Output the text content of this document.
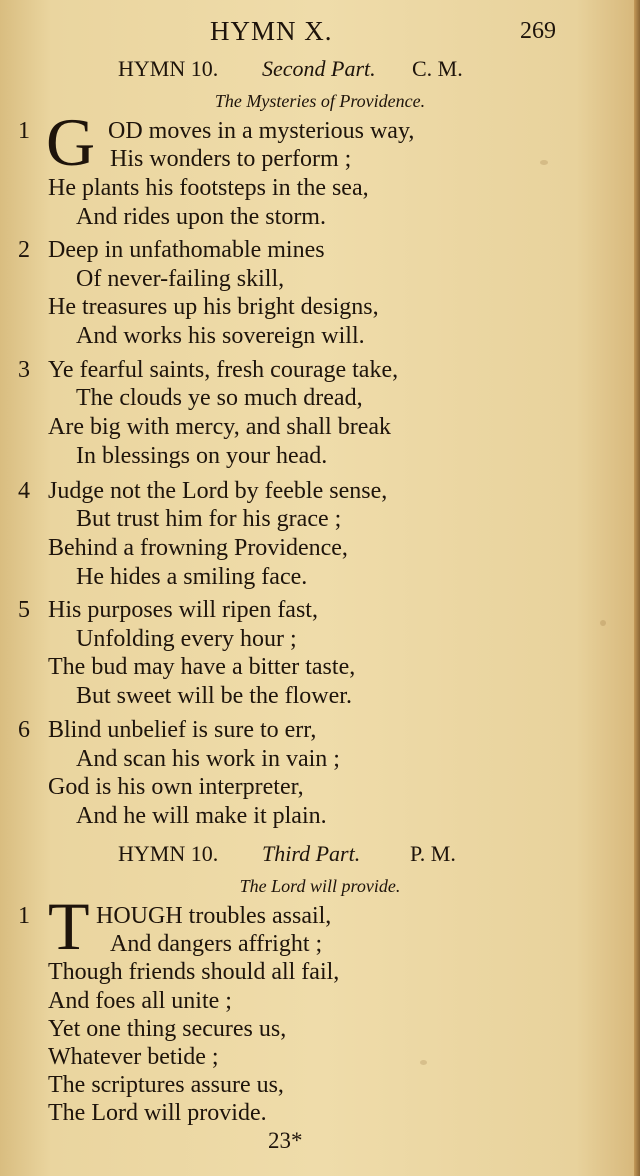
HYMN X.	269
HYMN 10. Second Part. C. M.
The Mysteries of Providence.
1 G OD moves in a mysterious way,
His wonders to perform ;
He plants his footsteps in the sea,
And rides upon the storm.
2 Deep in unfathomable mines
Of never-failing skill,
He treasures up his bright designs,
And works his sovereign will.
3 Ye fearful saints, fresh courage take,
The clouds ye so much dread,
Are big with mercy, and shall break
In blessings on your head.
4 Judge not the Lord by feeble sense,
But trust him for his grace ;
Behind a frowning Providence,
He hides a smiling face.
5 His purposes will ripen fast,
Unfolding every hour ;
The bud may have a bitter taste,
But sweet will be the flower.
6 Blind unbelief is sure to err,
And scan his work in vain ;
God is his own interpreter,
And he will make it plain.
HYMN 10. Third Part. P. M.
The Lord will provide.
1 T HOUGH troubles assail,
And dangers affright ;
Though friends should all fail,
And foes all unite ;
Yet one thing secures us,
Whatever betide ;
The scriptures assure us,
The Lord will provide.
23*
